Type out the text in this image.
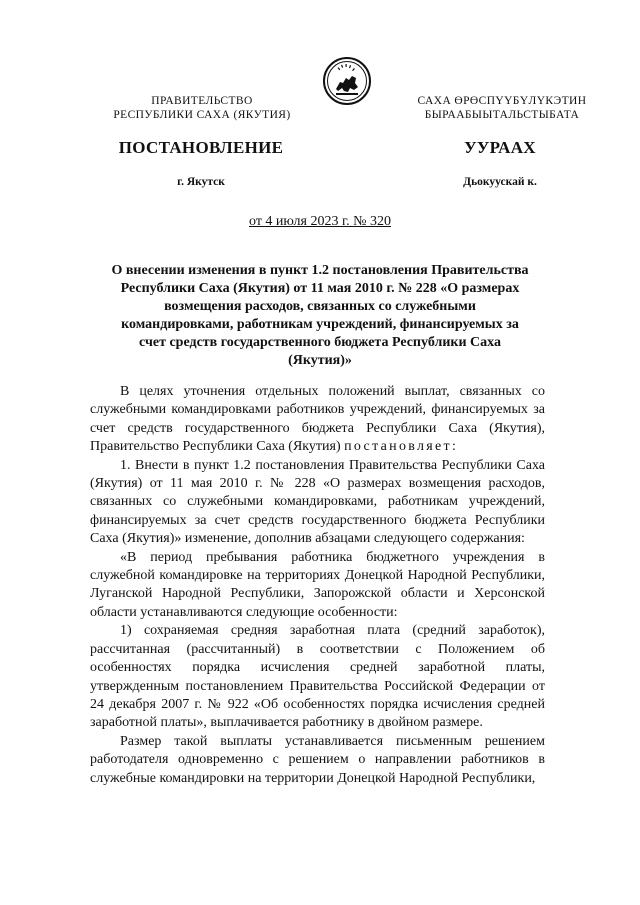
ПРАВИТЕЛЬСТВО
РЕСПУБЛИКИ САХА (ЯКУТИЯ)
САХА ӨРӨСПҮҮБҮЛҮКЭТИН
БЫРААБЫЫТАЛЬСТЫБАТА
ПОСТАНОВЛЕНИЕ	УУРААХ
г. Якутск	Дьокуускай к.
от 4 июля 2023 г. № 320
О внесении изменения в пункт 1.2 постановления Правительства Республики Саха (Якутия) от 11 мая 2010 г. № 228 «О размерах возмещения расходов, связанных со служебными командировками, работникам учреждений, финансируемых за счет средств государственного бюджета Республики Саха (Якутия)»

В целях уточнения отдельных положений выплат, связанных со служебными командировками работников учреждений, финансируемых за счет средств государственного бюджета Республики Саха (Якутия), Правительство Республики Саха (Якутия) постановляет:

1. Внести в пункт 1.2 постановления Правительства Республики Саха (Якутия) от 11 мая 2010 г. № 228 «О размерах возмещения расходов, связанных со служебными командировками, работникам учреждений, финансируемых за счет средств государственного бюджета Республики Саха (Якутия)» изменение, дополнив абзацами следующего содержания:

«В период пребывания работника бюджетного учреждения в служебной командировке на территориях Донецкой Народной Республики, Луганской Народной Республики, Запорожской области и Херсонской области устанавливаются следующие особенности:

1) сохраняемая средняя заработная плата (средний заработок), рассчитанная (рассчитанный) в соответствии с Положением об особенностях порядка исчисления средней заработной платы, утвержденным постановлением Правительства Российской Федерации от 24 декабря 2007 г. № 922 «Об особенностях порядка исчисления средней заработной платы», выплачивается работнику в двойном размере.

Размер такой выплаты устанавливается письменным решением работодателя одновременно с решением о направлении работников в служебные командировки на территории Донецкой Народной Республики,
